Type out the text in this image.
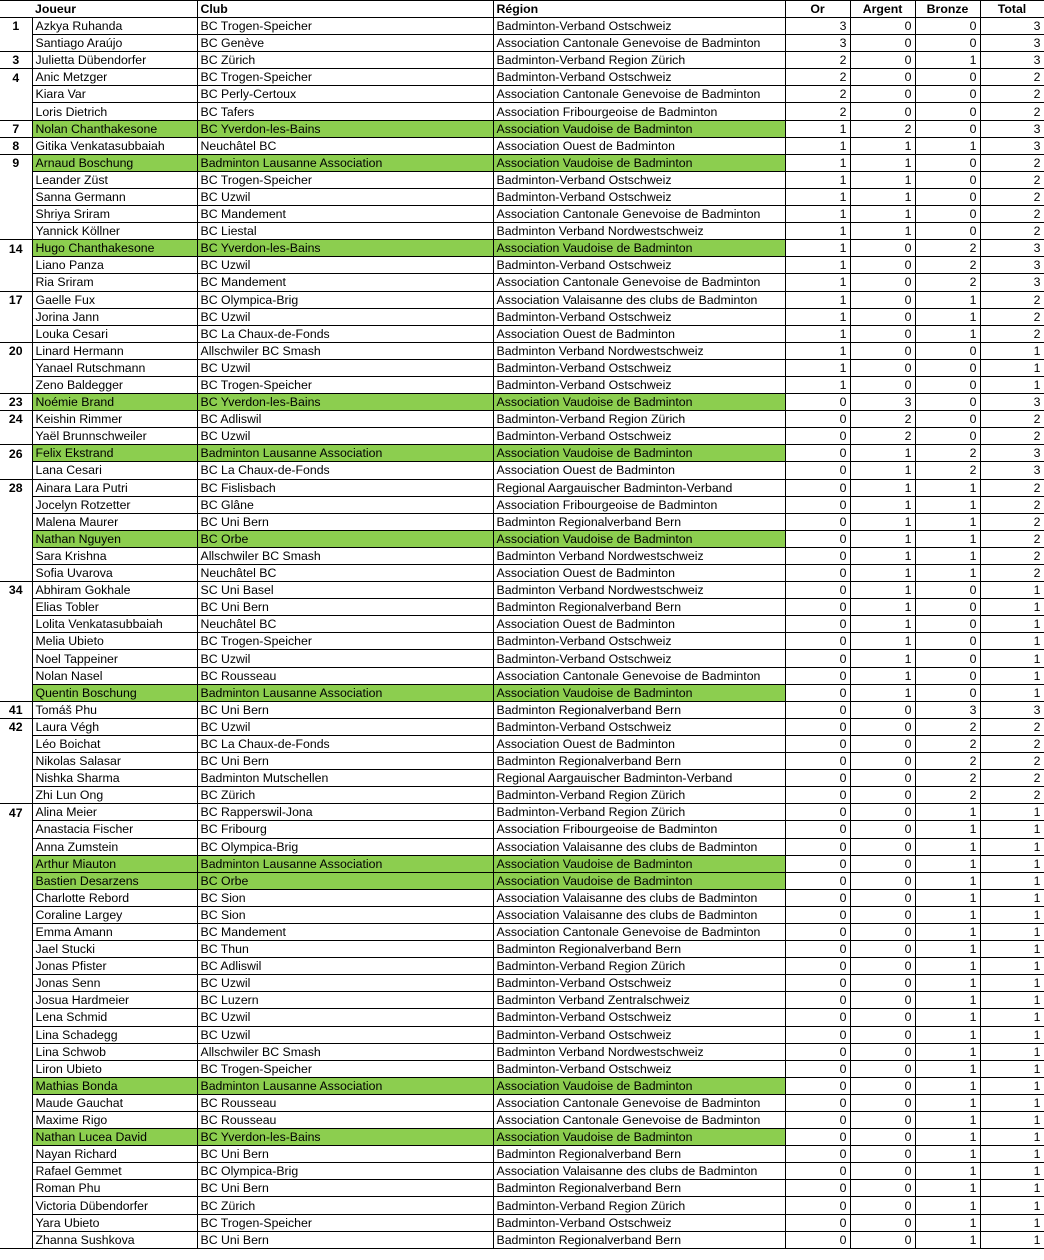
	Joueur	Club	Région	Or	Argent	Bronze	Total
1	Azkya Ruhanda	BC Trogen-Speicher	Badminton-Verband Ostschweiz	3	0	0	3
	Santiago Araújo	BC Genève	Association Cantonale Genevoise de Badminton	3	0	0	3
3	Julietta Dübendorfer	BC Zürich	Badminton-Verband Region Zürich	2	0	1	3
4	Anic Metzger	BC Trogen-Speicher	Badminton-Verband Ostschweiz	2	0	0	2
	Kiara Var	BC Perly-Certoux	Association Cantonale Genevoise de Badminton	2	0	0	2
	Loris Dietrich	BC Tafers	Association Fribourgeoise de Badminton	2	0	0	2
7	Nolan Chanthakesone	BC Yverdon-les-Bains	Association Vaudoise de Badminton	1	2	0	3
8	Gitika Venkatasubbaiah	Neuchâtel BC	Association Ouest de Badminton	1	1	1	3
9	Arnaud Boschung	Badminton Lausanne Association	Association Vaudoise de Badminton	1	1	0	2
	Leander Züst	BC Trogen-Speicher	Badminton-Verband Ostschweiz	1	1	0	2
	Sanna Germann	BC Uzwil	Badminton-Verband Ostschweiz	1	1	0	2
	Shriya Sriram	BC Mandement	Association Cantonale Genevoise de Badminton	1	1	0	2
	Yannick Köllner	BC Liestal	Badminton Verband Nordwestschweiz	1	1	0	2
14	Hugo Chanthakesone	BC Yverdon-les-Bains	Association Vaudoise de Badminton	1	0	2	3
	Liano Panza	BC Uzwil	Badminton-Verband Ostschweiz	1	0	2	3
	Ria Sriram	BC Mandement	Association Cantonale Genevoise de Badminton	1	0	2	3
17	Gaelle Fux	BC Olympica-Brig	Association Valaisanne des clubs de Badminton	1	0	1	2
	Jorina Jann	BC Uzwil	Badminton-Verband Ostschweiz	1	0	1	2
	Louka Cesari	BC La Chaux-de-Fonds	Association Ouest de Badminton	1	0	1	2
20	Linard Hermann	Allschwiler BC Smash	Badminton Verband Nordwestschweiz	1	0	0	1
	Yanael Rutschmann	BC Uzwil	Badminton-Verband Ostschweiz	1	0	0	1
	Zeno Baldegger	BC Trogen-Speicher	Badminton-Verband Ostschweiz	1	0	0	1
23	Noémie Brand	BC Yverdon-les-Bains	Association Vaudoise de Badminton	0	3	0	3
24	Keishin Rimmer	BC Adliswil	Badminton-Verband Region Zürich	0	2	0	2
	Yaël Brunnschweiler	BC Uzwil	Badminton-Verband Ostschweiz	0	2	0	2
26	Felix Ekstrand	Badminton Lausanne Association	Association Vaudoise de Badminton	0	1	2	3
	Lana Cesari	BC La Chaux-de-Fonds	Association Ouest de Badminton	0	1	2	3
28	Ainara Lara Putri	BC Fislisbach	Regional Aargauischer Badminton-Verband	0	1	1	2
	Jocelyn Rotzetter	BC Glâne	Association Fribourgeoise de Badminton	0	1	1	2
	Malena Maurer	BC Uni Bern	Badminton Regionalverband Bern	0	1	1	2
	Nathan Nguyen	BC Orbe	Association Vaudoise de Badminton	0	1	1	2
	Sara Krishna	Allschwiler BC Smash	Badminton Verband Nordwestschweiz	0	1	1	2
	Sofia Uvarova	Neuchâtel BC	Association Ouest de Badminton	0	1	1	2
34	Abhiram Gokhale	SC Uni Basel	Badminton Verband Nordwestschweiz	0	1	0	1
	Elias Tobler	BC Uni Bern	Badminton Regionalverband Bern	0	1	0	1
	Lolita Venkatasubbaiah	Neuchâtel BC	Association Ouest de Badminton	0	1	0	1
	Melia Ubieto	BC Trogen-Speicher	Badminton-Verband Ostschweiz	0	1	0	1
	Noel Tappeiner	BC Uzwil	Badminton-Verband Ostschweiz	0	1	0	1
	Nolan Nasel	BC Rousseau	Association Cantonale Genevoise de Badminton	0	1	0	1
	Quentin Boschung	Badminton Lausanne Association	Association Vaudoise de Badminton	0	1	0	1
41	Tomáš Phu	BC Uni Bern	Badminton Regionalverband Bern	0	0	3	3
42	Laura Végh	BC Uzwil	Badminton-Verband Ostschweiz	0	0	2	2
	Léo Boichat	BC La Chaux-de-Fonds	Association Ouest de Badminton	0	0	2	2
	Nikolas Salasar	BC Uni Bern	Badminton Regionalverband Bern	0	0	2	2
	Nishka Sharma	Badminton Mutschellen	Regional Aargauischer Badminton-Verband	0	0	2	2
	Zhi Lun Ong	BC Zürich	Badminton-Verband Region Zürich	0	0	2	2
47	Alina Meier	BC Rapperswil-Jona	Badminton-Verband Region Zürich	0	0	1	1
	Anastacia Fischer	BC Fribourg	Association Fribourgeoise de Badminton	0	0	1	1
	Anna Zumstein	BC Olympica-Brig	Association Valaisanne des clubs de Badminton	0	0	1	1
	Arthur Miauton	Badminton Lausanne Association	Association Vaudoise de Badminton	0	0	1	1
	Bastien Desarzens	BC Orbe	Association Vaudoise de Badminton	0	0	1	1
	Charlotte Rebord	BC Sion	Association Valaisanne des clubs de Badminton	0	0	1	1
	Coraline Largey	BC Sion	Association Valaisanne des clubs de Badminton	0	0	1	1
	Emma Amann	BC Mandement	Association Cantonale Genevoise de Badminton	0	0	1	1
	Jael Stucki	BC Thun	Badminton Regionalverband Bern	0	0	1	1
	Jonas Pfister	BC Adliswil	Badminton-Verband Region Zürich	0	0	1	1
	Jonas Senn	BC Uzwil	Badminton-Verband Ostschweiz	0	0	1	1
	Josua Hardmeier	BC Luzern	Badminton Verband Zentralschweiz	0	0	1	1
	Lena Schmid	BC Uzwil	Badminton-Verband Ostschweiz	0	0	1	1
	Lina Schadegg	BC Uzwil	Badminton-Verband Ostschweiz	0	0	1	1
	Lina Schwob	Allschwiler BC Smash	Badminton Verband Nordwestschweiz	0	0	1	1
	Liron Ubieto	BC Trogen-Speicher	Badminton-Verband Ostschweiz	0	0	1	1
	Mathias Bonda	Badminton Lausanne Association	Association Vaudoise de Badminton	0	0	1	1
	Maude Gauchat	BC Rousseau	Association Cantonale Genevoise de Badminton	0	0	1	1
	Maxime Rigo	BC Rousseau	Association Cantonale Genevoise de Badminton	0	0	1	1
	Nathan Lucea David	BC Yverdon-les-Bains	Association Vaudoise de Badminton	0	0	1	1
	Nayan Richard	BC Uni Bern	Badminton Regionalverband Bern	0	0	1	1
	Rafael Gemmet	BC Olympica-Brig	Association Valaisanne des clubs de Badminton	0	0	1	1
	Roman Phu	BC Uni Bern	Badminton Regionalverband Bern	0	0	1	1
	Victoria Dübendorfer	BC Zürich	Badminton-Verband Region Zürich	0	0	1	1
	Yara Ubieto	BC Trogen-Speicher	Badminton-Verband Ostschweiz	0	0	1	1
	Zhanna Sushkova	BC Uni Bern	Badminton Regionalverband Bern	0	0	1	1
